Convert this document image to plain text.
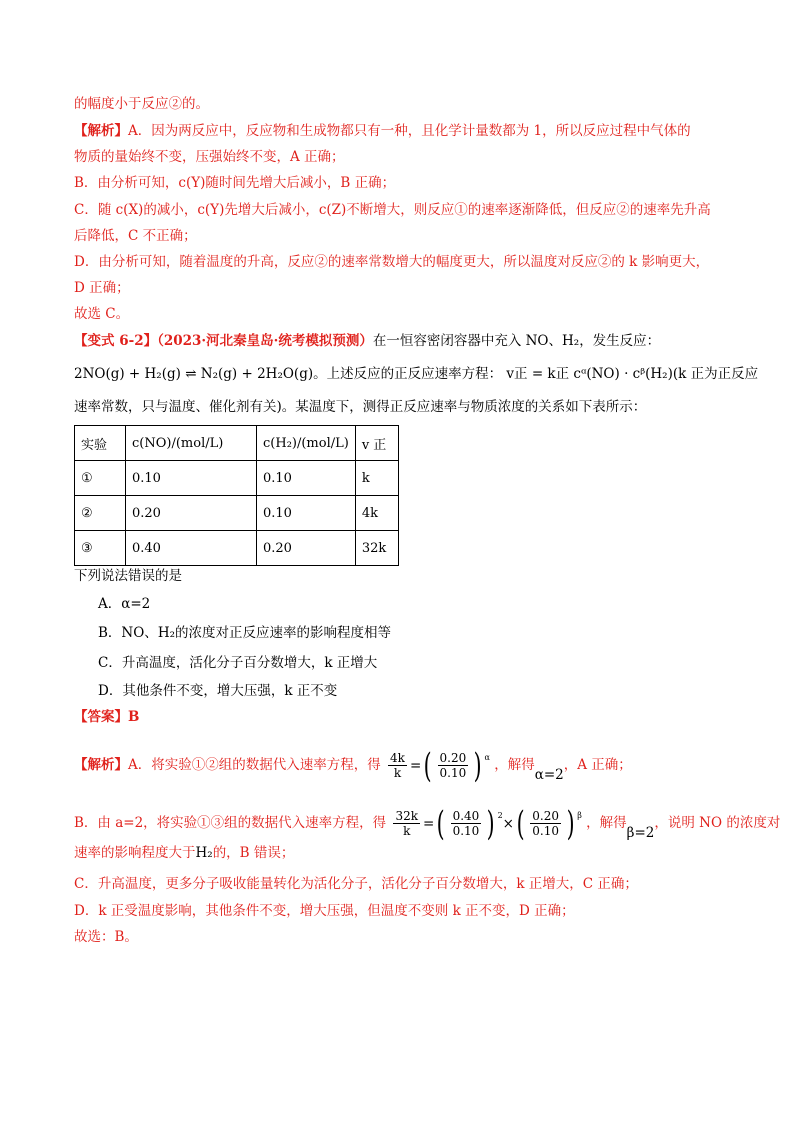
的幅度小于反应②的。
【解析】A．因为两反应中，反应物和生成物都只有一种，且化学计量数都为 1，所以反应过程中气体的
物质的量始终不变，压强始终不变，A 正确；
B．由分析可知，c(Y)随时间先增大后减小，B 正确；
C．随 c(X)的减小，c(Y)先增大后减小，c(Z)不断增大，则反应①的速率逐渐降低，但反应②的速率先升高
后降低，C 不正确；
D．由分析可知，随着温度的升高，反应②的速率常数增大的幅度更大，所以温度对反应②的 k 影响更大，
D 正确；
故选 C。
【变式 6-2】（2023·河北秦皇岛·统考模拟预测）在一恒容密闭容器中充入 NO、H₂，发生反应：
2NO(g) + H₂(g) ⇌ N₂(g) + 2H₂O(g)。上述反应的正反应速率方程： v正 = k正 cᵅ(NO) · cᵝ(H₂)(k 正为正反应
速率常数，只与温度、催化剂有关)。某温度下，测得正反应速率与物质浓度的关系如下表所示：
实验	c(NO)/(mol/L)	c(H₂)/(mol/L)	v 正
①	0.10	0.10	k
②	0.20	0.10	4k
③	0.40	0.20	32k
下列说法错误的是
A．α=2
B．NO、H₂的浓度对正反应速率的影响程度相等
C．升高温度，活化分子百分数增大，k 正增大
D．其他条件不变，增大压强，k 正不变
【答案】B
【解析】A．将实验①②组的数据代入速率方程，得 $\frac{4k}{k}$ = ( $\frac{0.20}{0.10}$ ) α ，解得α=2，A 正确；
B．由 a=2，将实验①③组的数据代入速率方程，得 $\frac{32k}{k}$ = ( $\frac{0.40}{0.10}$ ) 2
× ( $\frac{0.20}{0.10}$ ) β ，解得β=2，说明 NO 的浓度对
速率的影响程度大于H₂的，B 错误；
C．升高温度，更多分子吸收能量转化为活化分子，活化分子百分数增大，k 正增大，C 正确；
D．k 正受温度影响，其他条件不变，增大压强，但温度不变则 k 正不变，D 正确；
故选：B。
